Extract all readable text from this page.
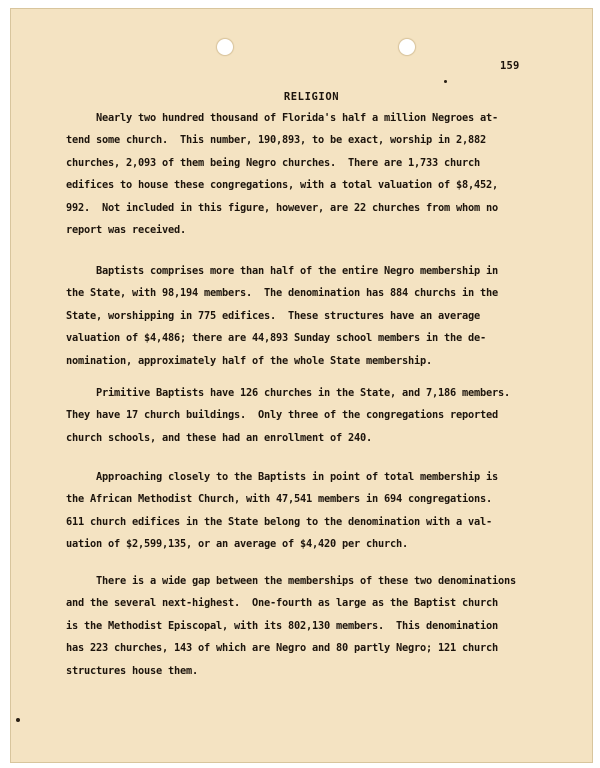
159
RELIGION
Nearly two hundred thousand of Florida's half a million Negroes at-
tend some church.  This number, 190,893, to be exact, worship in 2,882
churches, 2,093 of them being Negro churches.  There are 1,733 church
edifices to house these congregations, with a total valuation of $8,452,
992.  Not included in this figure, however, are 22 churches from whom no
report was received.
Baptists comprises more than half of the entire Negro membership in
the State, with 98,194 members.  The denomination has 884 churchs in the
State, worshipping in 775 edifices.  These structures have an average
valuation of $4,486; there are 44,893 Sunday school members in the de-
nomination, approximately half of the whole State membership.
Primitive Baptists have 126 churches in the State, and 7,186 members.
They have 17 church buildings.  Only three of the congregations reported
church schools, and these had an enrollment of 240.
Approaching closely to the Baptists in point of total membership is
the African Methodist Church, with 47,541 members in 694 congregations.
611 church edifices in the State belong to the denomination with a val-
uation of $2,599,135, or an average of $4,420 per church.
There is a wide gap between the memberships of these two denominations
and the several next-highest.  One-fourth as large as the Baptist church
is the Methodist Episcopal, with its 802,130 members.  This denomination
has 223 churches, 143 of which are Negro and 80 partly Negro; 121 church
structures house them.
